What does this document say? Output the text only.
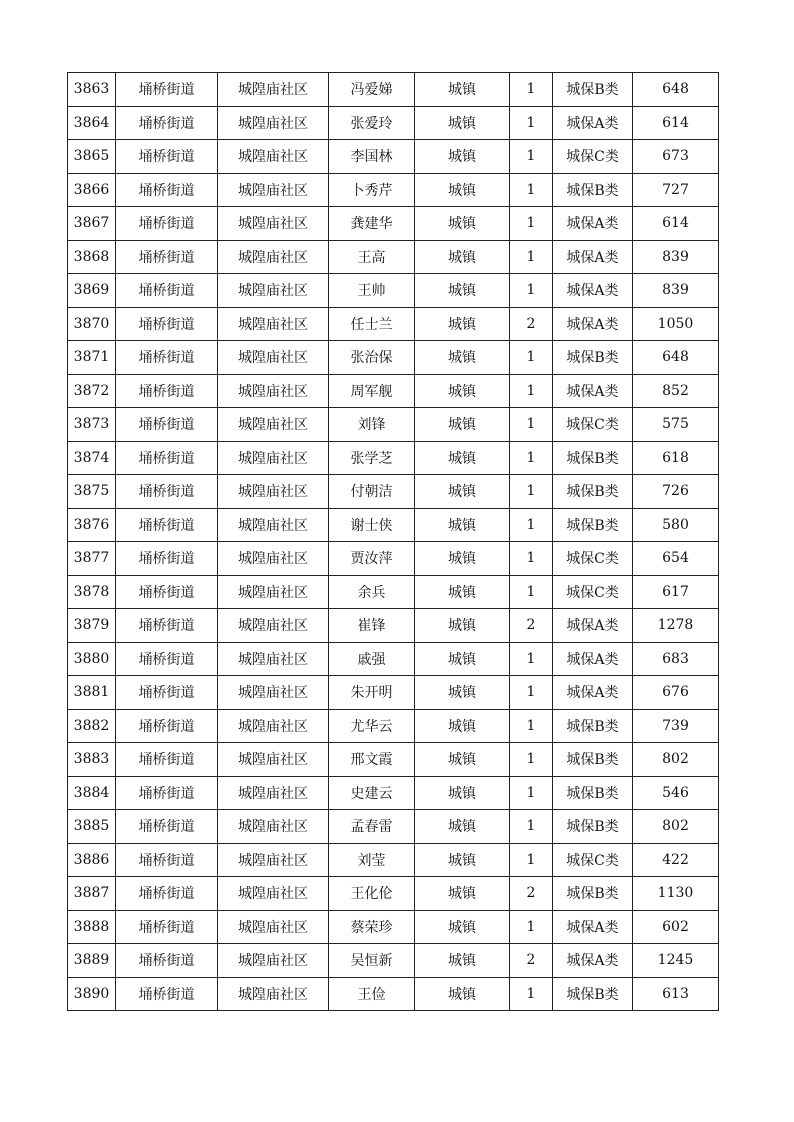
3863	埇桥街道	城隍庙社区	冯爱娣	城镇	1	城保B类	648
3864	埇桥街道	城隍庙社区	张爱玲	城镇	1	城保A类	614
3865	埇桥街道	城隍庙社区	李国林	城镇	1	城保C类	673
3866	埇桥街道	城隍庙社区	卜秀芹	城镇	1	城保B类	727
3867	埇桥街道	城隍庙社区	龚建华	城镇	1	城保A类	614
3868	埇桥街道	城隍庙社区	王高	城镇	1	城保A类	839
3869	埇桥街道	城隍庙社区	王帅	城镇	1	城保A类	839
3870	埇桥街道	城隍庙社区	任士兰	城镇	2	城保A类	1050
3871	埇桥街道	城隍庙社区	张治保	城镇	1	城保B类	648
3872	埇桥街道	城隍庙社区	周军舰	城镇	1	城保A类	852
3873	埇桥街道	城隍庙社区	刘锋	城镇	1	城保C类	575
3874	埇桥街道	城隍庙社区	张学芝	城镇	1	城保B类	618
3875	埇桥街道	城隍庙社区	付朝洁	城镇	1	城保B类	726
3876	埇桥街道	城隍庙社区	谢士侠	城镇	1	城保B类	580
3877	埇桥街道	城隍庙社区	贾汝萍	城镇	1	城保C类	654
3878	埇桥街道	城隍庙社区	余兵	城镇	1	城保C类	617
3879	埇桥街道	城隍庙社区	崔锋	城镇	2	城保A类	1278
3880	埇桥街道	城隍庙社区	戚强	城镇	1	城保A类	683
3881	埇桥街道	城隍庙社区	朱开明	城镇	1	城保A类	676
3882	埇桥街道	城隍庙社区	尤华云	城镇	1	城保B类	739
3883	埇桥街道	城隍庙社区	邢文霞	城镇	1	城保B类	802
3884	埇桥街道	城隍庙社区	史建云	城镇	1	城保B类	546
3885	埇桥街道	城隍庙社区	孟春雷	城镇	1	城保B类	802
3886	埇桥街道	城隍庙社区	刘莹	城镇	1	城保C类	422
3887	埇桥街道	城隍庙社区	王化伦	城镇	2	城保B类	1130
3888	埇桥街道	城隍庙社区	蔡荣珍	城镇	1	城保A类	602
3889	埇桥街道	城隍庙社区	吴恒新	城镇	2	城保A类	1245
3890	埇桥街道	城隍庙社区	王俭	城镇	1	城保B类	613
